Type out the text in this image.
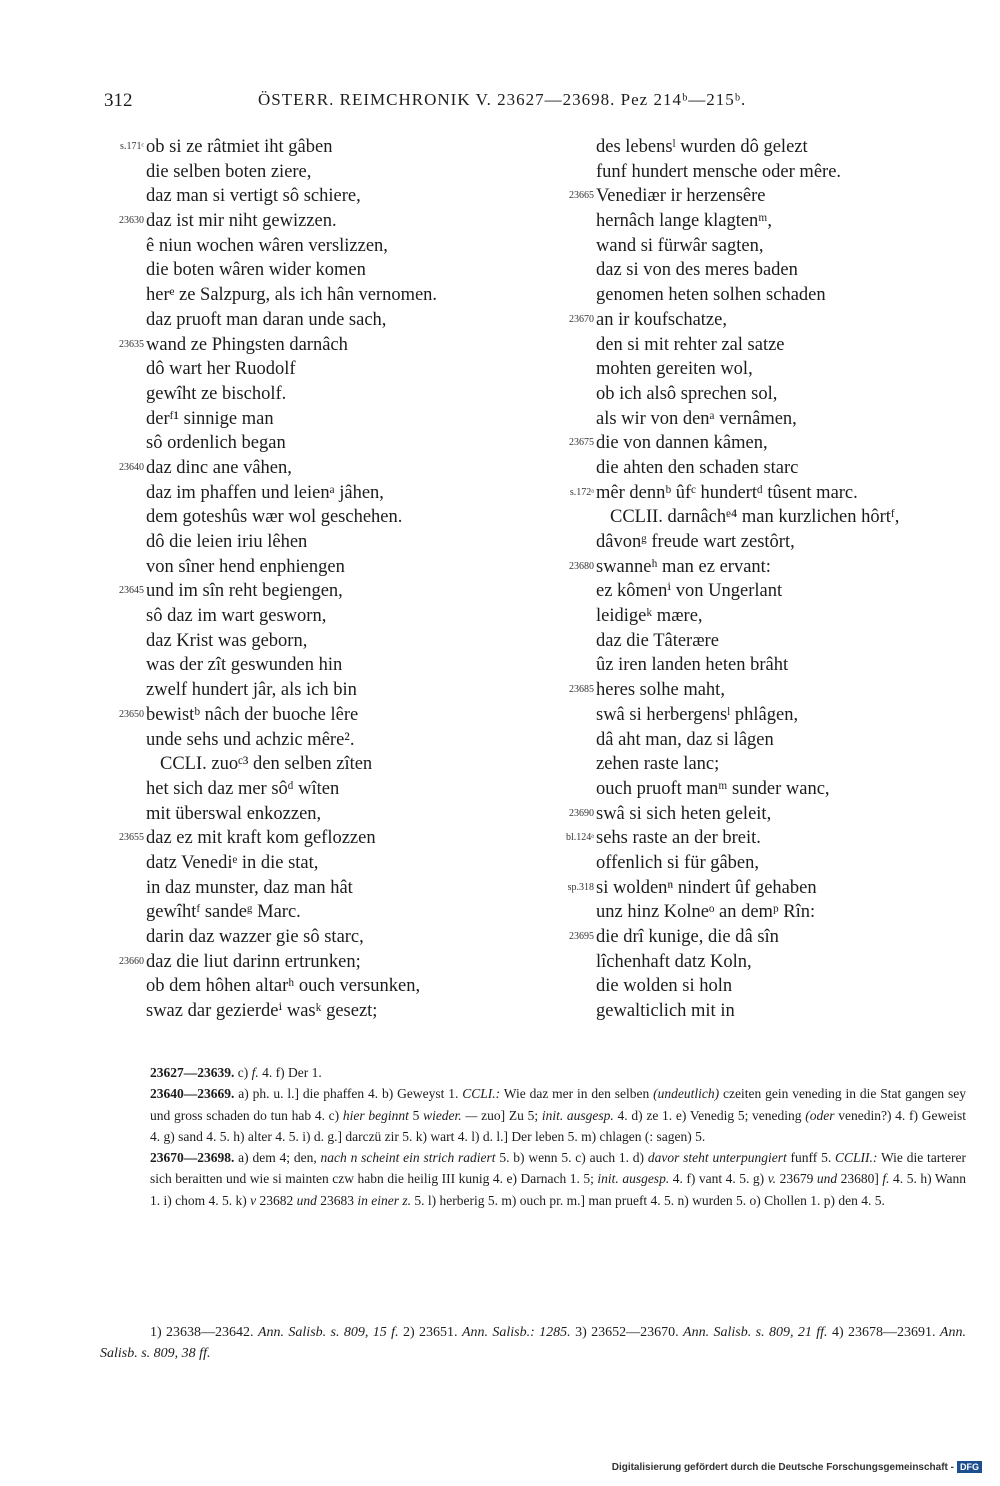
312	ÖSTERR. REIMCHRONIK V. 23627—23698. Pez 214ᵇ—215ᵇ.
s.171ᶜ ob si ze râtmiet iht gâben
die selben boten ziere,
daz man si vertigt sô schiere,
23630 daz ist mir niht gewizzen.
ê niun wochen wâren verslizzen,
die boten wâren wider komen
herᵉ ze Salzpurg, als ich hân vernomen.
daz pruoft man daran unde sach,
23635 wand ze Phingsten darnâch
dô wart her Ruodolf
gewîht ze bischolf.
derᶠ¹ sinnige man
sô ordenlich began
23640 daz dinc ane vâhen,
daz im phaffen und leienᵃ jâhen,
dem goteshûs wær wol geschehen.
dô die leien iriu lêhen
von sîner hend enphiengen
23645 und im sîn reht begiengen,
sô daz im wart gesworn,
daz Krist was geborn,
was der zît geswunden hin
zwelf hundert jâr, als ich bin
23650 bewistᵇ nâch der buoche lêre
unde sehs und achzic mêre².
CCLI. zuoᶜ³ den selben zîten
het sich daz mer sôᵈ wîten
mit überswal enkozzen,
23655 daz ez mit kraft kom geflozzen
datz Venediᵉ in die stat,
in daz munster, daz man hât
gewîhtᶠ sandeᵍ Marc.
darin daz wazzer gie sô starc,
23660 daz die liut darinn ertrunken;
ob dem hôhen altarʰ ouch versunken,
swaz dar gezierdeⁱ wasᵏ gesezt;
des lebensˡ wurden dô gelezt
funf hundert mensche oder mêre.
23665 Venediær ir herzensêre
hernâch lange klagtenᵐ,
wand si fürwâr sagten,
daz si von des meres baden
genomen heten solhen schaden
23670 an ir koufschatze,
den si mit rehter zal satze
mohten gereiten wol,
ob ich alsô sprechen sol,
als wir von denᵃ vernâmen,
23675 die von dannen kâmen,
die ahten den schaden starc
s.172ᵃ mêr dennᵇ ûfᶜ hundertᵈ tûsent marc.
CCLII. darnâchᵉ⁴ man kurzlichen hôrtᶠ,
dâvonᵍ freude wart zestôrt,
23680 swanneʰ man ez ervant:
ez kômenⁱ von Ungerlant
leidigeᵏ mære,
daz die Tâterære
ûz iren landen heten brâht
23685 heres solhe maht,
swâ si herbergensˡ phlâgen,
dâ aht man, daz si lâgen
zehen raste lanc;
ouch pruoft manᵐ sunder wanc,
23690 swâ si sich heten geleit,
bl.124ᵃ sehs raste an der breit.
offenlich si für gâben,
sp.318 si woldenⁿ nindert ûf gehaben
unz hinz Kolneᵒ an demᵖ Rîn:
23695 die drî kunige, die dâ sîn
lîchenhaft datz Koln,
die wolden si holn
gewalticlich mit in

23627—23639. c) f. 4. f) Der 1.

23640—23669. a) ph. u. l.] die phaffen 4. b) Geweyst 1. CCLI.: Wie daz mer in den selben (undeutlich) czeiten gein veneding in die Stat gangen sey und gross schaden do tun hab 4. c) hier beginnt 5 wieder. — zuo] Zu 5; init. ausgesp. 4. d) ze 1. e) Venedig 5; veneding (oder venedin?) 4. f) Geweist 4. g) sand 4. 5. h) alter 4. 5. i) d. g.] darczü zir 5. k) wart 4. l) d. l.] Der leben 5. m) chlagen (: sagen) 5.

23670—23698. a) dem 4; den, nach n scheint ein strich radiert 5. b) wenn 5. c) auch 1. d) davor steht unterpungiert funff 5. CCLII.: Wie die tarterer sich beraitten und wie si mainten czw habn die heilig III kunig 4. e) Darnach 1. 5; init. ausgesp. 4. f) vant 4. 5. g) v. 23679 und 23680] f. 4. 5. h) Wann 1. i) chom 4. 5. k) v 23682 und 23683 in einer z. 5. l) herberig 5. m) ouch pr. m.] man prueft 4. 5. n) wurden 5. o) Chollen 1. p) den 4. 5.

1) 23638—23642. Ann. Salisb. s. 809, 15 f. 2) 23651. Ann. Salisb.: 1285. 3) 23652—23670. Ann. Salisb. s. 809, 21 ff. 4) 23678—23691. Ann. Salisb. s. 809, 38 ff.

Digitalisierung gefördert durch die Deutsche Forschungsgemeinschaft - DFG
